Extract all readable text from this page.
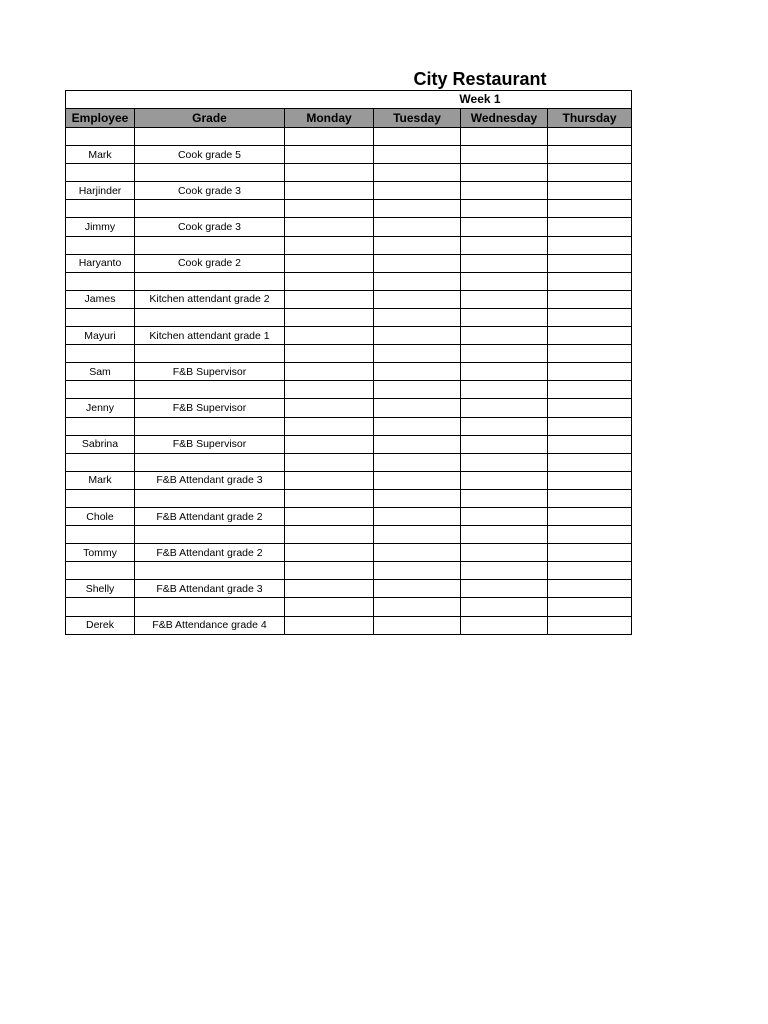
City Restaurant
Week 1
Employee	Grade	Monday	Tuesday	Wednesday	Thursday

Mark	Cook grade 5				

Harjinder	Cook grade 3				

Jimmy	Cook grade 3				

Haryanto	Cook grade 2				

James	Kitchen attendant grade 2				

Mayuri	Kitchen attendant grade 1				

Sam	F&B Supervisor				

Jenny	F&B Supervisor				

Sabrina	F&B Supervisor				

Mark	F&B Attendant grade 3				

Chole	F&B Attendant grade 2				

Tommy	F&B Attendant grade 2				

Shelly	F&B Attendant grade 3				

Derek	F&B Attendance grade 4				
